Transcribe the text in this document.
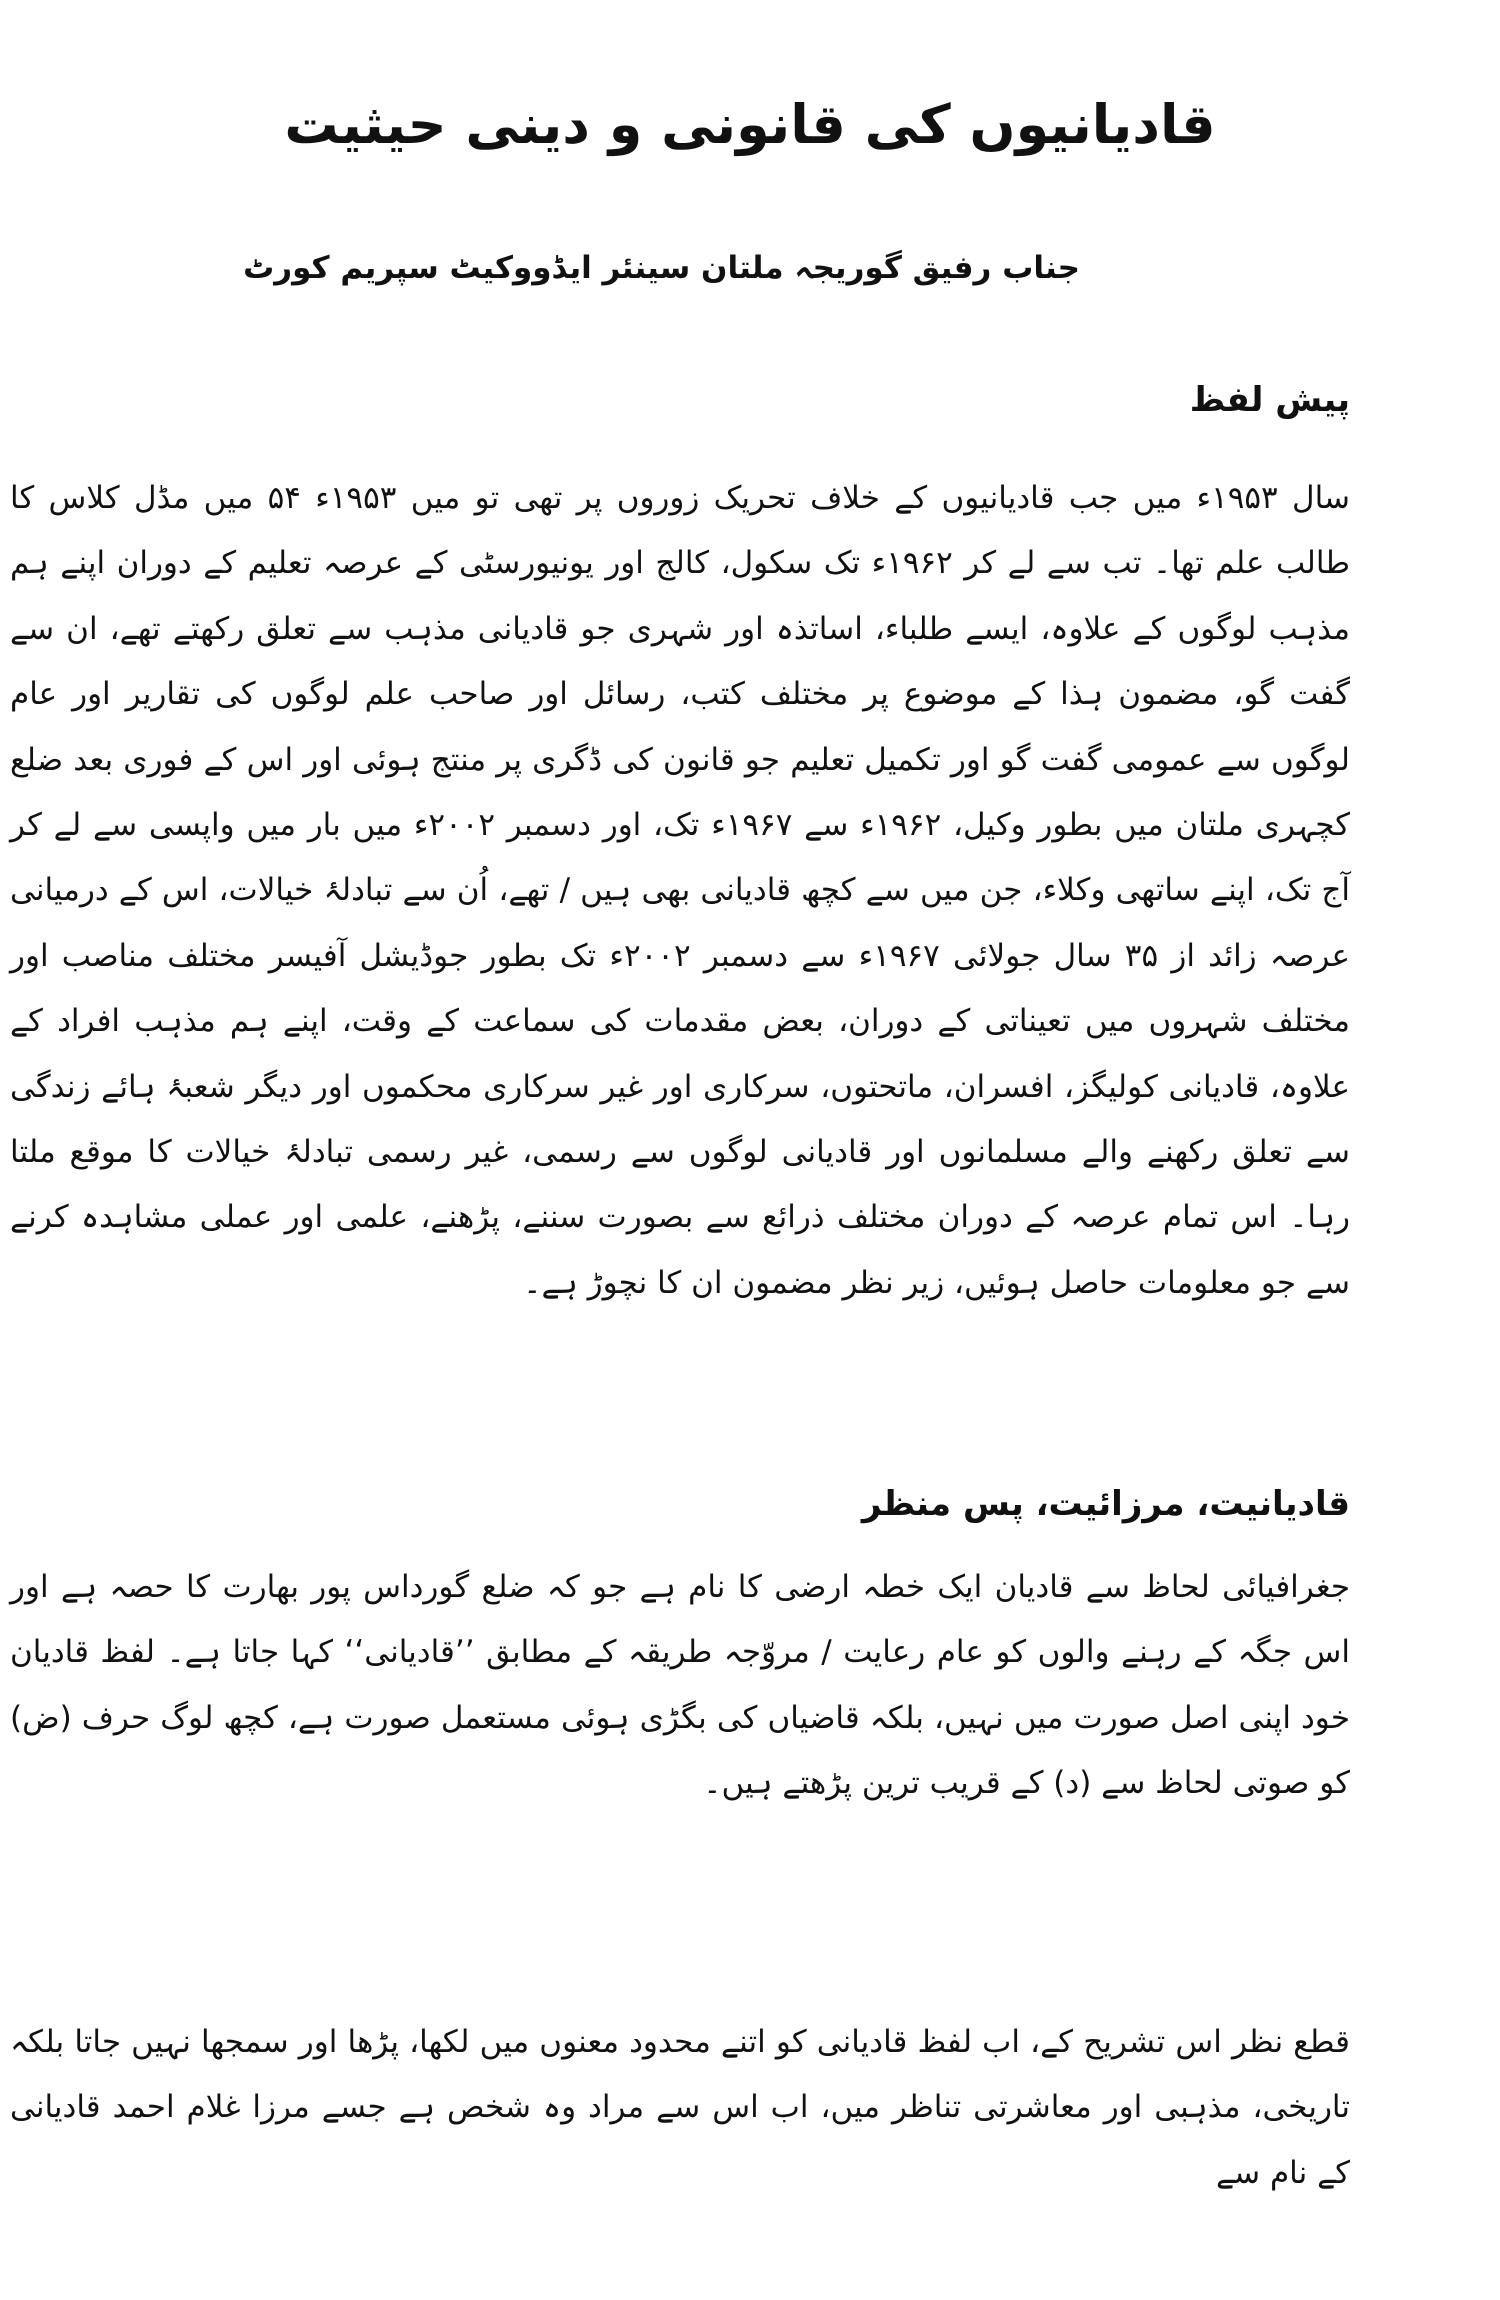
قادیانیوں کی قانونی و دینی حیثیت
جناب رفیق گوریجہ ملتان سینئر ایڈووکیٹ سپریم کورٹ
پیش لفظ

سال ۱۹۵۳ء میں جب قادیانیوں کے خلاف تحریک زوروں پر تھی تو میں ۱۹۵۳ء ۵۴ میں مڈل کلاس کا طالب علم تھا۔ تب سے لے کر ۱۹۶۲ء تک سکول، کالج اور یونیورسٹی کے عرصہ تعلیم کے دوران اپنے ہم مذہب لوگوں کے علاوہ، ایسے طلباء، اساتذہ اور شہری جو قادیانی مذہب سے تعلق رکھتے تھے، ان سے گفت گو، مضمون ہذا کے موضوع پر مختلف کتب، رسائل اور صاحب علم لوگوں کی تقاریر اور عام لوگوں سے عمومی گفت گو اور تکمیل تعلیم جو قانون کی ڈگری پر منتج ہوئی اور اس کے فوری بعد ضلع کچہری ملتان میں بطور وکیل، ۱۹۶۲ء سے ۱۹۶۷ء تک، اور دسمبر ۲۰۰۲ء میں بار میں واپسی سے لے کر آج تک، اپنے ساتھی وکلاء، جن میں سے کچھ قادیانی بھی ہیں / تھے، اُن سے تبادلۂ خیالات، اس کے درمیانی عرصہ زائد از ۳۵ سال جولائی ۱۹۶۷ء سے دسمبر ۲۰۰۲ء تک بطور جوڈیشل آفیسر مختلف مناصب اور مختلف شہروں میں تعیناتی کے دوران، بعض مقدمات کی سماعت کے وقت، اپنے ہم مذہب افراد کے علاوہ، قادیانی کولیگز، افسران، ماتحتوں، سرکاری اور غیر سرکاری محکموں اور دیگر شعبۂ ہائے زندگی سے تعلق رکھنے والے مسلمانوں اور قادیانی لوگوں سے رسمی، غیر رسمی تبادلۂ خیالات کا موقع ملتا رہا۔ اس تمام عرصہ کے دوران مختلف ذرائع سے بصورت سننے، پڑھنے، علمی اور عملی مشاہدہ کرنے سے جو معلومات حاصل ہوئیں، زیر نظر مضمون ان کا نچوڑ ہے۔

قادیانیت، مرزائیت، پس منظر

جغرافیائی لحاظ سے قادیان ایک خطہ ارضی کا نام ہے جو کہ ضلع گورداس پور بھارت کا حصہ ہے اور اس جگہ کے رہنے والوں کو عام رعایت / مروّجہ طریقہ کے مطابق ’’قادیانی‘‘ کہا جاتا ہے۔ لفظ قادیان خود اپنی اصل صورت میں نہیں، بلکہ قاضیاں کی بگڑی ہوئی مستعمل صورت ہے، کچھ لوگ حرف (ض) کو صوتی لحاظ سے (د) کے قریب ترین پڑھتے ہیں۔

قطع نظر اس تشریح کے، اب لفظ قادیانی کو اتنے محدود معنوں میں لکھا، پڑھا اور سمجھا نہیں جاتا بلکہ تاریخی، مذہبی اور معاشرتی تناظر میں، اب اس سے مراد وہ شخص ہے جسے مرزا غلام احمد قادیانی کے نام سے
